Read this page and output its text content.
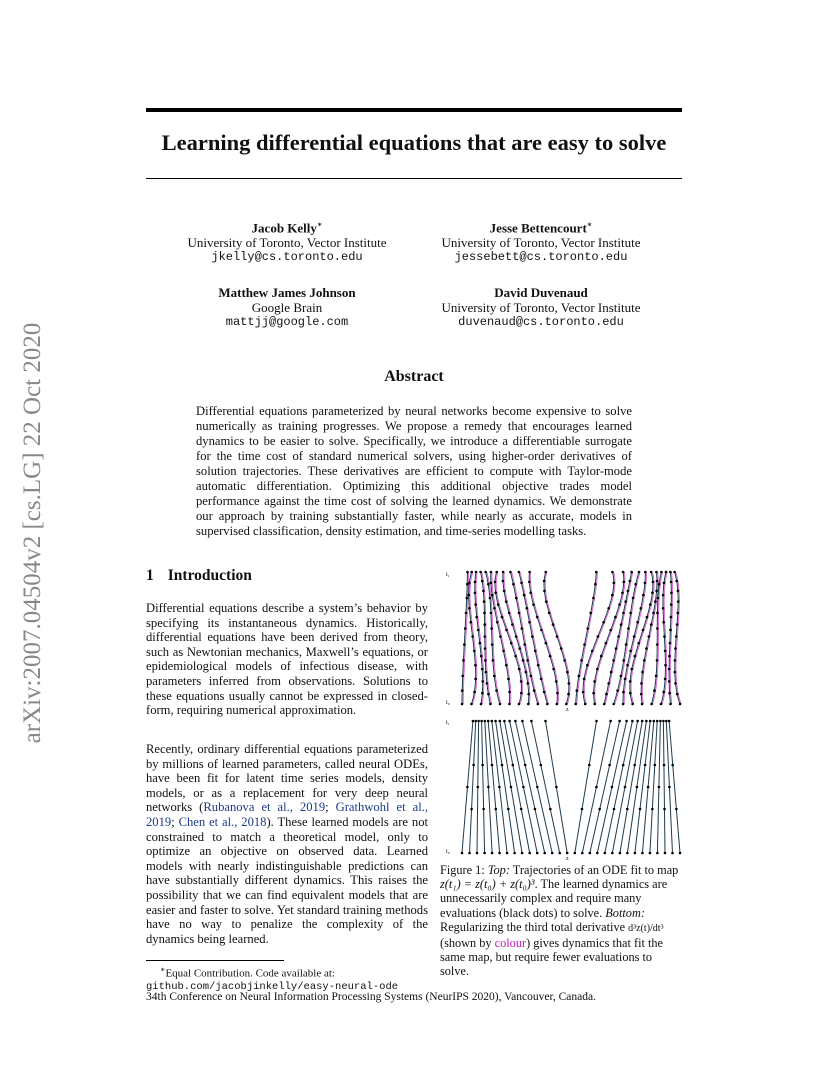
arXiv:2007.04504v2 [cs.LG] 22 Oct 2020
Learning differential equations that are easy to solve
Jacob Kelly∗
University of Toronto, Vector Institute
jkelly@cs.toronto.edu
Jesse Bettencourt∗
University of Toronto, Vector Institute
jessebett@cs.toronto.edu
Matthew James Johnson
Google Brain
mattjj@google.com
David Duvenaud
University of Toronto, Vector Institute
duvenaud@cs.toronto.edu
Abstract
Differential equations parameterized by neural networks become expensive to solve numerically as training progresses. We propose a remedy that encourages learned dynamics to be easier to solve. Specifically, we introduce a differentiable surrogate for the time cost of standard numerical solvers, using higher-order derivatives of solution trajectories. These derivatives are efficient to compute with Taylor-mode automatic differentiation. Optimizing this additional objective trades model performance against the time cost of solving the learned dynamics. We demonstrate our approach by training substantially faster, while nearly as accurate, models in supervised classification, density estimation, and time-series modelling tasks.
1 Introduction

Differential equations describe a system’s behavior by specifying its instantaneous dynamics. Historically, differential equations have been derived from theory, such as Newtonian mechanics, Maxwell’s equations, or epidemiological models of infectious disease, with parameters inferred from observations. Solutions to these equations usually cannot be expressed in closed-form, requiring numerical approximation.

Recently, ordinary differential equations parameterized by millions of learned parameters, called neural ODEs, have been fit for latent time series models, density models, or as a replacement for very deep neural networks (Rubanova et al., 2019; Grathwohl et al., 2019; Chen et al., 2018). These learned models are not constrained to match a theoretical model, only to optimize an objective on observed data. Learned models with nearly indistinguishable predictions can have substantially different dynamics. This raises the possibility that we can find equivalent models that are easier and faster to solve. Yet standard training methods have no way to penalize the complexity of the dynamics being learned.

∗Equal Contribution. Code available at:
github.com/jacobjinkelly/easy-neural-ode
34th Conference on Neural Information Processing Systems (NeurIPS 2020), Vancouver, Canada.
t₁
t₀
z
t₁
t₀
z
Figure 1: Top: Trajectories of an ODE fit to map z(t₁) = z(t₀) + z(t₀)³. The learned dynamics are unnecessarily complex and require many evaluations (black dots) to solve. Bottom: Regularizing the third total derivative d³z(t)/dt³ (shown by colour) gives dynamics that fit the same map, but require fewer evaluations to solve.
